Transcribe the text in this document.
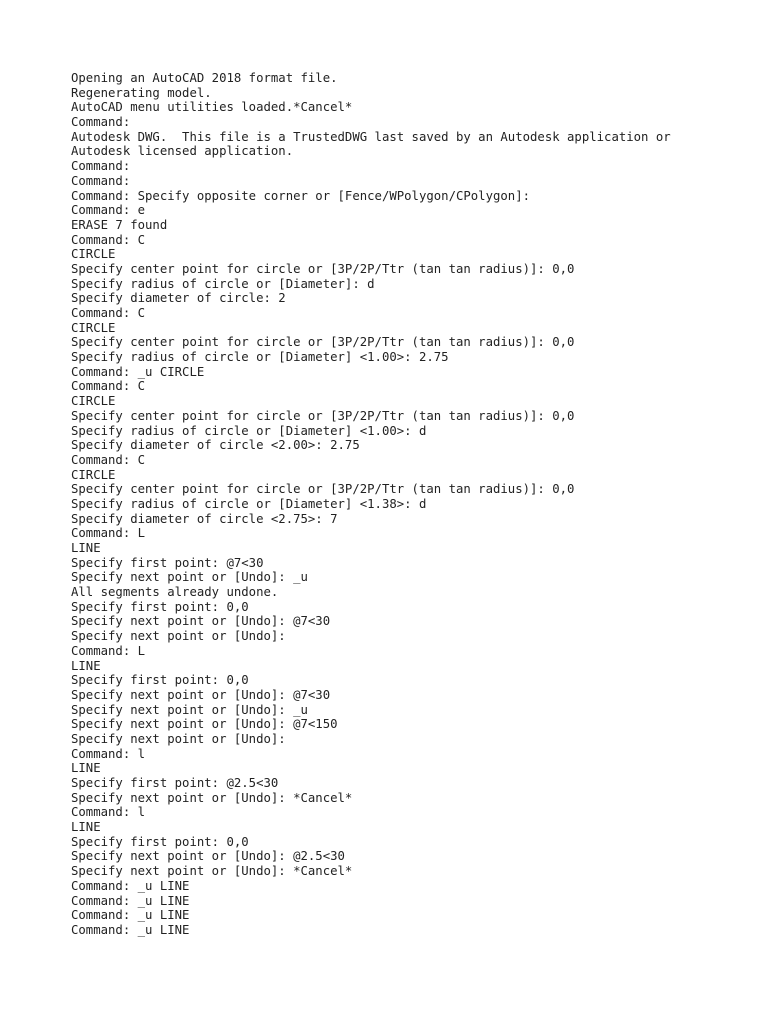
Opening an AutoCAD 2018 format file.
Regenerating model.
AutoCAD menu utilities loaded.*Cancel*
Command:
Autodesk DWG.  This file is a TrustedDWG last saved by an Autodesk application or
Autodesk licensed application.
Command:
Command:
Command: Specify opposite corner or [Fence/WPolygon/CPolygon]:
Command: e
ERASE 7 found
Command: C
CIRCLE
Specify center point for circle or [3P/2P/Ttr (tan tan radius)]: 0,0
Specify radius of circle or [Diameter]: d
Specify diameter of circle: 2
Command: C
CIRCLE
Specify center point for circle or [3P/2P/Ttr (tan tan radius)]: 0,0
Specify radius of circle or [Diameter] <1.00>: 2.75
Command: _u CIRCLE
Command: C
CIRCLE
Specify center point for circle or [3P/2P/Ttr (tan tan radius)]: 0,0
Specify radius of circle or [Diameter] <1.00>: d
Specify diameter of circle <2.00>: 2.75
Command: C
CIRCLE
Specify center point for circle or [3P/2P/Ttr (tan tan radius)]: 0,0
Specify radius of circle or [Diameter] <1.38>: d
Specify diameter of circle <2.75>: 7
Command: L
LINE
Specify first point: @7<30
Specify next point or [Undo]: _u
All segments already undone.
Specify first point: 0,0
Specify next point or [Undo]: @7<30
Specify next point or [Undo]:
Command: L
LINE
Specify first point: 0,0
Specify next point or [Undo]: @7<30
Specify next point or [Undo]: _u
Specify next point or [Undo]: @7<150
Specify next point or [Undo]:
Command: l
LINE
Specify first point: @2.5<30
Specify next point or [Undo]: *Cancel*
Command: l
LINE
Specify first point: 0,0
Specify next point or [Undo]: @2.5<30
Specify next point or [Undo]: *Cancel*
Command: _u LINE
Command: _u LINE
Command: _u LINE
Command: _u LINE
